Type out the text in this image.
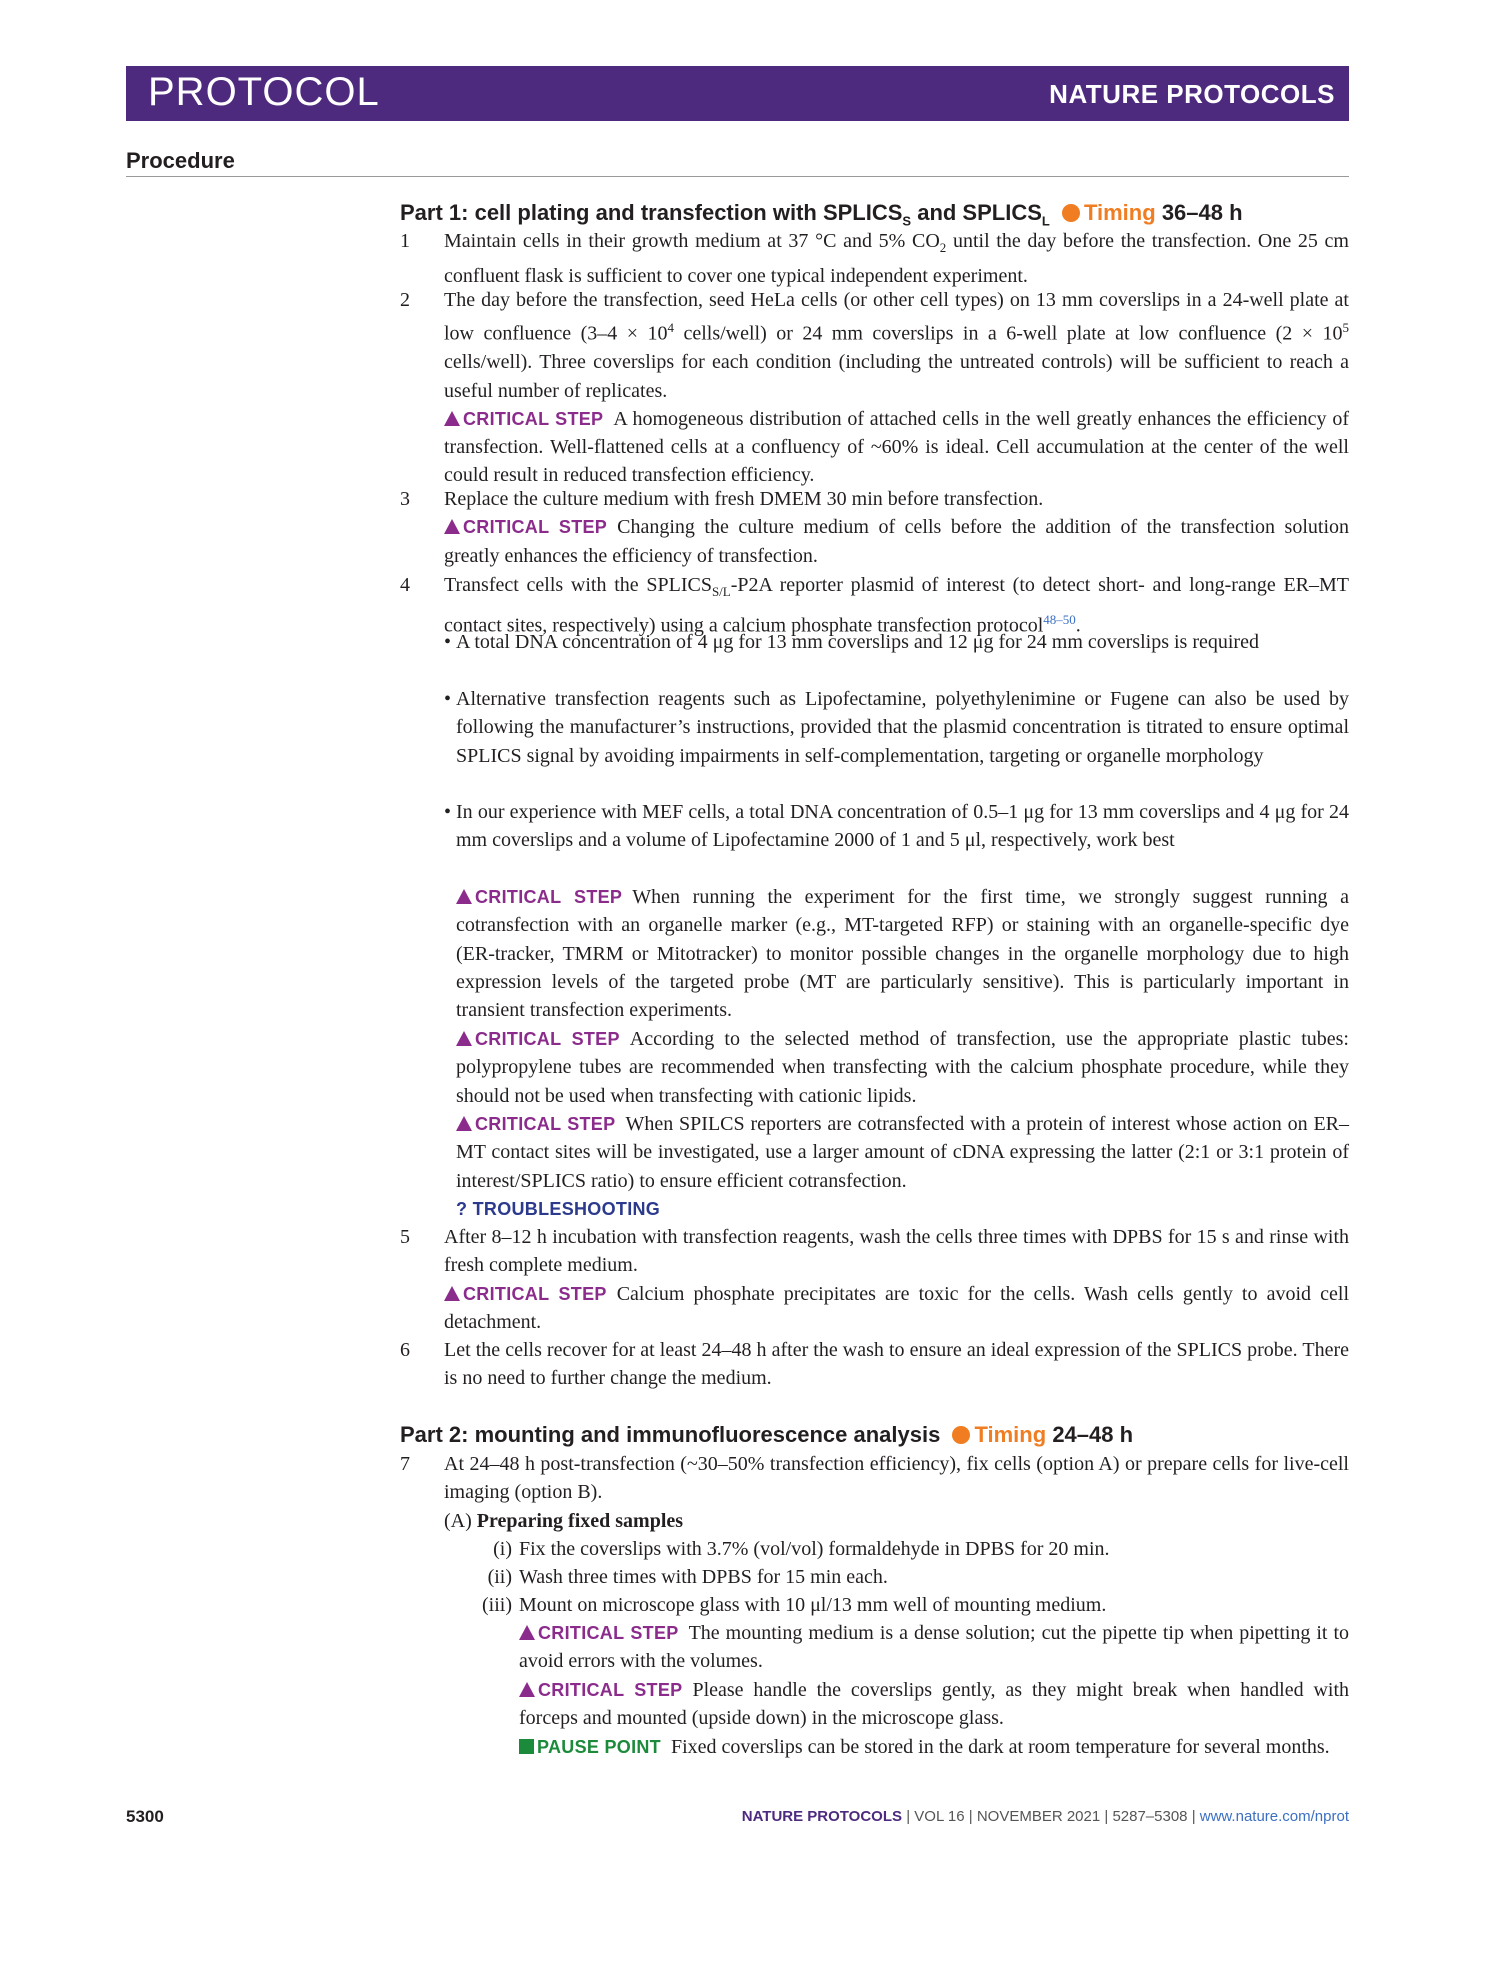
PROTOCOL	NATURE PROTOCOLS
Procedure
Part 1: cell plating and transfection with $SPLICS_S$ and $SPLICS_L$ Timing 36–48 h
1 Maintain cells in their growth medium at 37 °C and 5% $CO_2$ until the day before the transfection. One 25 cm confluent flask is sufficient to cover one typical independent experiment.

2 The day before the transfection, seed HeLa cells (or other cell types) on 13 mm coverslips in a 24-well plate at low confluence ($3-4 \times 10^4$ cells/well) or 24 mm coverslips in a 6-well plate at low confluence ($2 \times 10^5$ cells/well). Three coverslips for each condition (including the untreated controls) will be sufficient to reach a useful number of replicates.

CRITICAL STEP A homogeneous distribution of attached cells in the well greatly enhances the efficiency of transfection. Well-flattened cells at a confluency of ~60% is ideal. Cell accumulation at the center of the well could result in reduced transfection efficiency.

3 Replace the culture medium with fresh DMEM 30 min before transfection.

CRITICAL STEP Changing the culture medium of cells before the addition of the transfection solution greatly enhances the efficiency of transfection.

4 Transfect cells with the $SPLICS_{S/L}-P2A$ reporter plasmid of interest (to detect short- and long-range ER–MT contact sites, respectively) using a calcium phosphate transfection protocol$^{48-50}$.

• A total DNA concentration of 4 μg for 13 mm coverslips and 12 μg for 24 mm coverslips is required
• Alternative transfection reagents such as Lipofectamine, polyethylenimine or Fugene can also be used by following the manufacturer’s instructions, provided that the plasmid concentration is titrated to ensure optimal SPLICS signal by avoiding impairments in self-complementation, targeting or organelle morphology
• In our experience with MEF cells, a total DNA concentration of 0.5–1 μg for 13 mm coverslips and 4 μg for 24 mm coverslips and a volume of Lipofectamine 2000 of 1 and 5 μl, respectively, work best
CRITICAL STEP When running the experiment for the first time, we strongly suggest running a cotransfection with an organelle marker (e.g., MT-targeted RFP) or staining with an organelle-specific dye (ER-tracker, TMRM or Mitotracker) to monitor possible changes in the organelle morphology due to high expression levels of the targeted probe (MT are particularly sensitive). This is particularly important in transient transfection experiments.
CRITICAL STEP According to the selected method of transfection, use the appropriate plastic tubes: polypropylene tubes are recommended when transfecting with the calcium phosphate procedure, while they should not be used when transfecting with cationic lipids.
CRITICAL STEP When SPILCS reporters are cotransfected with a protein of interest whose action on ER–MT contact sites will be investigated, use a larger amount of cDNA expressing the latter (2:1 or 3:1 protein of interest/SPLICS ratio) to ensure efficient cotransfection.
? TROUBLESHOOTING
5 After 8–12 h incubation with transfection reagents, wash the cells three times with DPBS for 15 s and rinse with fresh complete medium.

CRITICAL STEP Calcium phosphate precipitates are toxic for the cells. Wash cells gently to avoid cell detachment.

6 Let the cells recover for at least 24–48 h after the wash to ensure an ideal expression of the SPLICS probe. There is no need to further change the medium.
Part 2: mounting and immunofluorescence analysis Timing 24–48 h
7 At 24–48 h post-transfection (~30–50% transfection efficiency), fix cells (option A) or prepare cells for live-cell imaging (option B).
(A) Preparing fixed samples
(i) Fix the coverslips with 3.7% (vol/vol) formaldehyde in DPBS for 20 min.
(ii) Wash three times with DPBS for 15 min each.
(iii) Mount on microscope glass with 10 μl/13 mm well of mounting medium.
CRITICAL STEP The mounting medium is a dense solution; cut the pipette tip when pipetting it to avoid errors with the volumes.
CRITICAL STEP Please handle the coverslips gently, as they might break when handled with forceps and mounted (upside down) in the microscope glass.
PAUSE POINT Fixed coverslips can be stored in the dark at room temperature for several months.
5300	NATURE PROTOCOLS | VOL 16 | NOVEMBER 2021 | 5287–5308 | www.nature.com/nprot
